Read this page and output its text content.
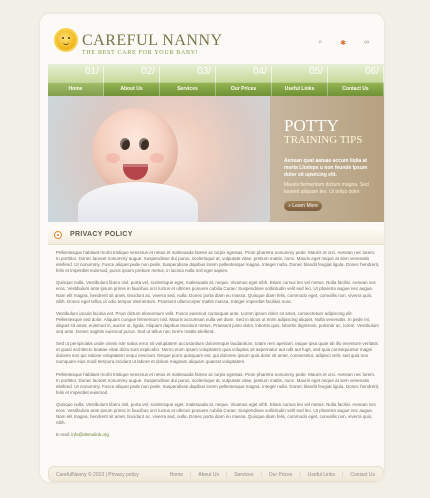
CAREFUL NANNY
THE BEST CARE FOR YOUR BABY!
⌕	✱	∞
01/	02/	03/	04/	05/	06/
Home	About Us	Services	Our Prices	Useful Links	Contact Us
POTTY
TRAINING TIPS
Aenean quat aatuae accum liqila at morta Llodeps u non feunde Ipsum dolor sit upwicing elit.
Mauris fermentum dictum magna. Sed laoreet aliquam leo. Ut tellus dolor.
» Learn More
PRIVACY POLICY

Pellentesque habitant morbi tristique senectus et netus et malesuada fames ac turpis egestas. Proin pharetra nonummy pede. Mauris et orci. Aenean nec lorem. In porttitor. Donec laoreet nonummy augue. Suspendisse dui purus, scelerisque at, vulputate vitae, pretium mattis, nunc. Mauris eget neque at sem venenatis eleifend. Ut nonummy. Fusce aliquet pede non pede. Suspendisse dapibus lorem pellentesque magna. Integer nulla. Donec blandit feugiat ligula. Donec hendrerit, felis et imperdiet euismod, purus ipsum pretium metus, in lacinia nulla nisl eget sapien.

Quisque nulla. Vestibulum libero nisl, porta vel, scelerisque eget, malesuada at, neque. Vivamus eget nibh. Etiam cursus leo vel metus. Nulla facilisi. Aenean nec eros. Vestibulum ante ipsum primis in faucibus orci luctus et ultrices posuere cubilia Curae; Suspendisse sollicitudin velit sed leo. Ut pharetra augue nec augue. Nam elit magna, hendrerit sit amet, tincidunt ac, viverra sed, nulla. Donec porta diam eu massa. Quisque diam felis, commodo eget, convallis non, viverra quis, nibh. Donec eget tellus ut odio tempor elementum. Praesent ullamcorper mattis massa. Integer imperdiet facilisis nunc.

Vestibulum iaculis lacinia est. Proin dictum elementum velit. Fusce euismod consequat ante. Lorem ipsum dolor sit amet, consectetuer adipiscing elit. Pellentesque sed dolor. Aliquam congue fermentum nisl. Mauris accumsan nulla vel diam. Sed in lacus ut enim adipiscing aliquet. Nulla venenatis. In pede mi, aliquet sit amet, euismod in, auctor ut, ligula. Aliquam dapibus tincidunt metus. Praesent justo dolor, lobortis quis, lobortis dignissim, pulvinar ac, lorem. Vestibulum sed ante. Donec sagittis euismod purus. Sed ut tellus nec lorem mattis eleifend.

Sed ut perspiciatis unde omnis iste natus error sit voluptatem accusantium doloremque laudantium, totam rem aperiam, eaque ipsa quae ab illo inventore veritatis et quasi architecto beatae vitae dicta sunt explicabo. Nemo enim ipsam voluptatem quia voluptas sit aspernatur aut odit aut fugit, sed quia consequuntur magni dolores eos qui ratione voluptatem sequi nesciunt. Neque porro quisquam est, qui dolorem ipsum quia dolor sit amet, consectetur, adipisci velit, sed quia non numquam eius modi tempora incidunt ut labore et dolore magnam aliquam quaerat voluptatem.

Pellentesque habitant morbi tristique senectus et netus et malesuada fames ac turpis egestas. Proin pharetra nonummy pede. Mauris et orci. Aenean nec lorem. In porttitor. Donec laoreet nonummy augue. Suspendisse dui purus, scelerisque at, vulputate vitae, pretium mattis, nunc. Mauris eget neque at sem venenatis eleifend. Ut nonummy. Fusce aliquet pede non pede. Suspendisse dapibus lorem pellentesque magna. Integer nulla. Donec blandit feugiat ligula. Donec hendrerit, felis et imperdiet euismod.

Quisque nulla. Vestibulum libero nisl, porta vel, scelerisque eget, malesuada at, neque. Vivamus eget nibh. Etiam cursus leo vel metus. Nulla facilisi. Aenean nec eros. Vestibulum ante ipsum primis in faucibus orci luctus et ultrices posuere cubilia Curae; Suspendisse sollicitudin velit sed leo. Ut pharetra augue nec augue. Nam elit magna, hendrerit sit amet, tincidunt ac, viverra sed, nulla. Donec porta diam eu massa. Quisque diam felis, commodo eget, convallis non, viverra quis, nibh.

E-mail: info@demolink.org

CarefulNanny © 2013 | Privacy policy	Home |	About Us |	Services |	Our Prices |	Useful Links |	Contact Us
